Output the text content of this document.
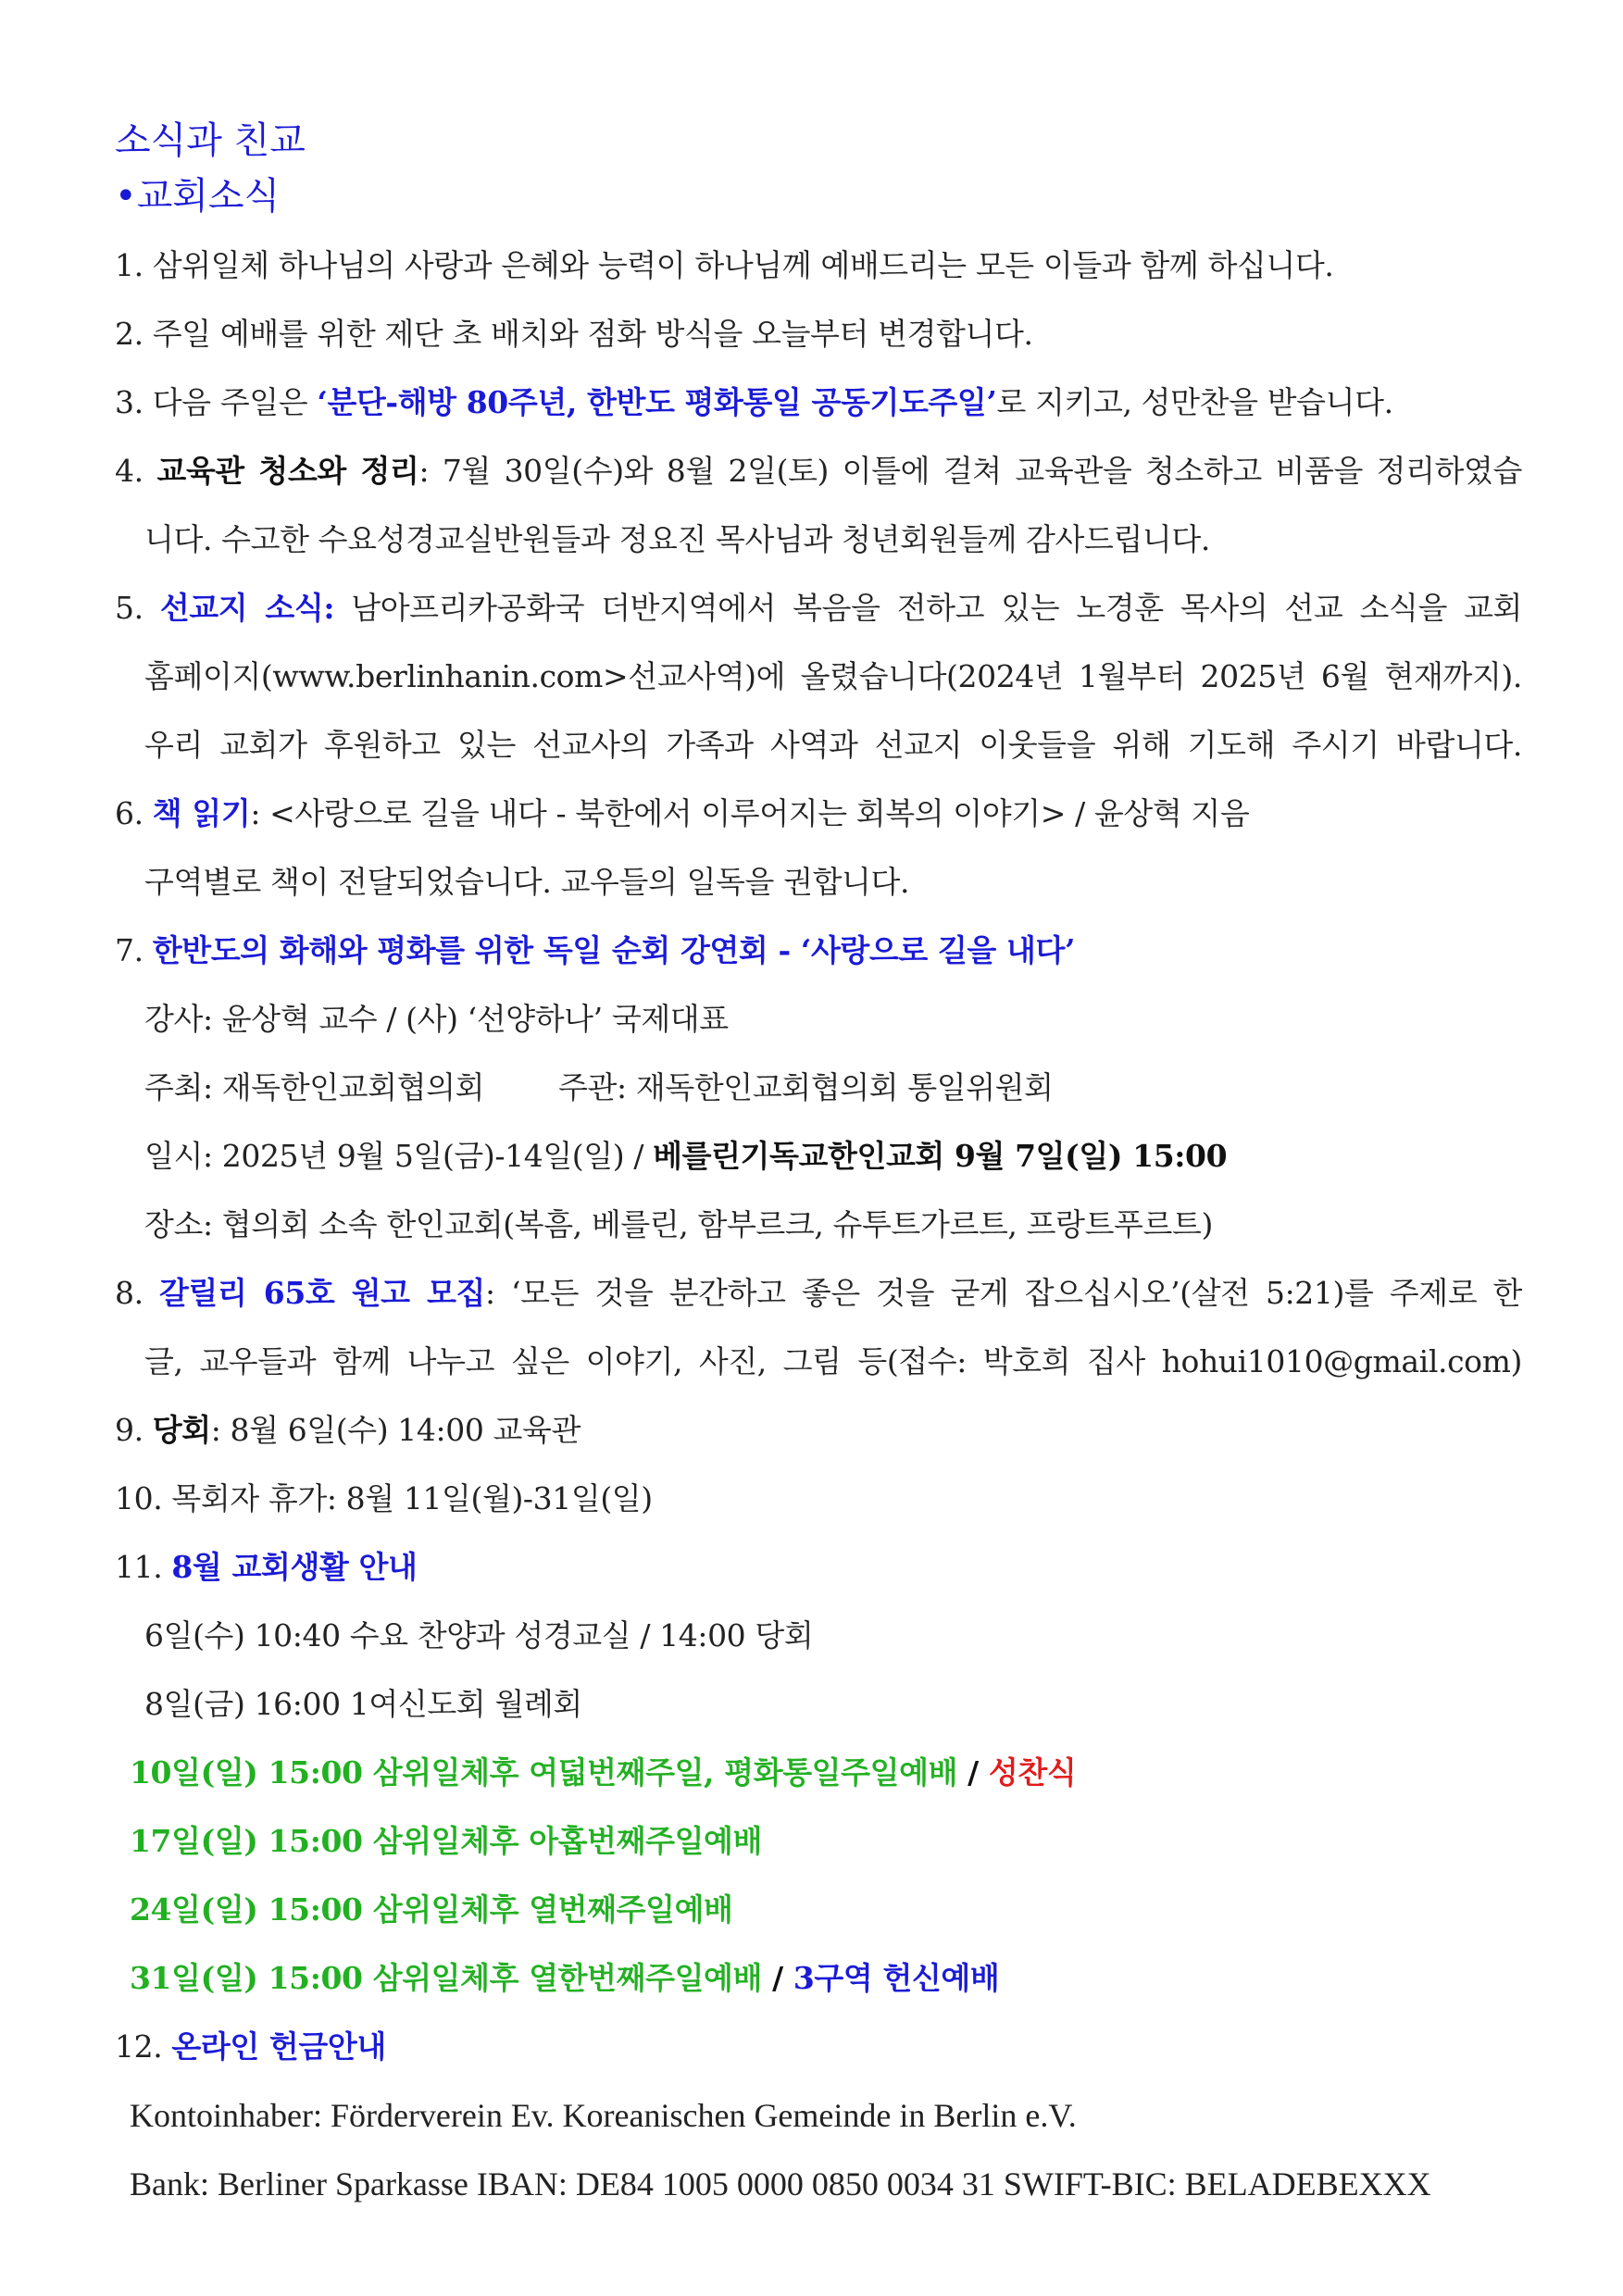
소식과 친교
•교회소식
1. 삼위일체 하나님의 사랑과 은혜와 능력이 하나님께 예배드리는 모든 이들과 함께 하십니다.
2. 주일 예배를 위한 제단 초 배치와 점화 방식을 오늘부터 변경합니다.
3. 다음 주일은 ‘분단-해방 80주년, 한반도 평화통일 공동기도주일’로 지키고, 성만찬을 받습니다.
4. 교육관 청소와 정리: 7월 30일(수)와 8월 2일(토) 이틀에 걸쳐 교육관을 청소하고 비품을 정리하였습
니다. 수고한 수요성경교실반원들과 정요진 목사님과 청년회원들께 감사드립니다.
5. 선교지 소식: 남아프리카공화국 더반지역에서 복음을 전하고 있는 노경훈 목사의 선교 소식을 교회
홈페이지(www.berlinhanin.com>선교사역)에 올렸습니다(2024년 1월부터 2025년 6월 현재까지).
우리 교회가 후원하고 있는 선교사의 가족과 사역과 선교지 이웃들을 위해 기도해 주시기 바랍니다.
6. 책 읽기: <사랑으로 길을 내다 - 북한에서 이루어지는 회복의 이야기> / 윤상혁 지음
구역별로 책이 전달되었습니다. 교우들의 일독을 권합니다.
7. 한반도의 화해와 평화를 위한 독일 순회 강연회 - ‘사랑으로 길을 내다’
강사: 윤상혁 교수 / (사) ‘선양하나’ 국제대표
주최: 재독한인교회협의회 주관: 재독한인교회협의회 통일위원회
일시: 2025년 9월 5일(금)-14일(일) / 베를린기독교한인교회 9월 7일(일) 15:00
장소: 협의회 소속 한인교회(복흠, 베를린, 함부르크, 슈투트가르트, 프랑트푸르트)
8. 갈릴리 65호 원고 모집: ‘모든 것을 분간하고 좋은 것을 굳게 잡으십시오’(살전 5:21)를 주제로 한
글, 교우들과 함께 나누고 싶은 이야기, 사진, 그림 등(접수: 박호희 집사 hohui1010@gmail.com)
9. 당회: 8월 6일(수) 14:00 교육관
10. 목회자 휴가: 8월 11일(월)-31일(일)
11. 8월 교회생활 안내
6일(수) 10:40 수요 찬양과 성경교실 / 14:00 당회
8일(금) 16:00 1여신도회 월례회
10일(일) 15:00 삼위일체후 여덟번째주일, 평화통일주일예배 / 성찬식
17일(일) 15:00 삼위일체후 아홉번째주일예배
24일(일) 15:00 삼위일체후 열번째주일예배
31일(일) 15:00 삼위일체후 열한번째주일예배 / 3구역 헌신예배
12. 온라인 헌금안내
Kontoinhaber: Förderverein Ev. Koreanischen Gemeinde in Berlin e.V.
Bank: Berliner Sparkasse IBAN: DE84 1005 0000 0850 0034 31 SWIFT-BIC: BELADEBEXXX
